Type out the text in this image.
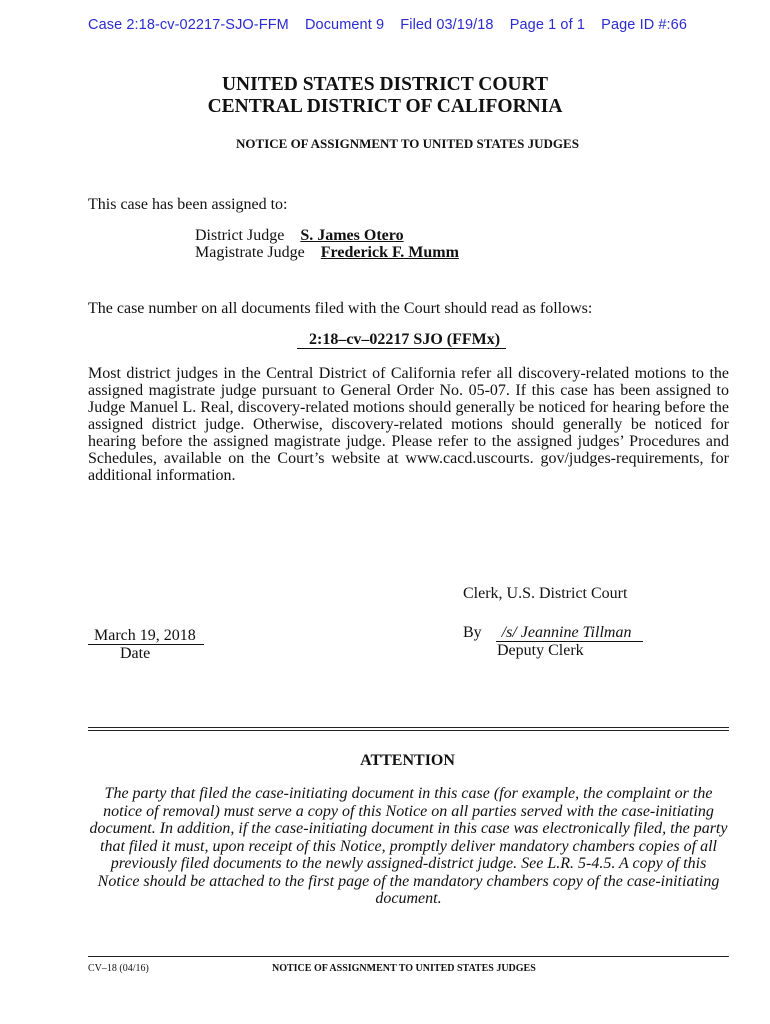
Case 2:18-cv-02217-SJO-FFM Document 9 Filed 03/19/18 Page 1 of 1 Page ID #:66
UNITED STATES DISTRICT COURT
CENTRAL DISTRICT OF CALIFORNIA
NOTICE OF ASSIGNMENT TO UNITED STATES JUDGES
This case has been assigned to:
District Judge S. James Otero
Magistrate Judge Frederick F. Mumm
The case number on all documents filed with the Court should read as follows:
2:18–cv–02217 SJO (FFMx)
Most district judges in the Central District of California refer all discovery-related motions to the assigned magistrate judge pursuant to General Order No. 05-07. If this case has been assigned to Judge Manuel L. Real, discovery-related motions should generally be noticed for hearing before the assigned district judge. Otherwise, discovery-related motions should generally be noticed for hearing before the assigned magistrate judge. Please refer to the assigned judges’ Procedures and Schedules, available on the Court’s website at www.cacd.uscourts. gov/judges-requirements, for additional information.
Clerk, U.S. District Court
March 19, 2018
Date
By /s/ Jeannine Tillman
Deputy Clerk
ATTENTION
The party that filed the case-initiating document in this case (for example, the complaint or the notice of removal) must serve a copy of this Notice on all parties served with the case-initiating document. In addition, if the case-initiating document in this case was electronically filed, the party that filed it must, upon receipt of this Notice, promptly deliver mandatory chambers copies of all previously filed documents to the newly assigned-district judge. See L.R. 5-4.5. A copy of this Notice should be attached to the first page of the mandatory chambers copy of the case-initiating document.
CV–18 (04/16)	NOTICE OF ASSIGNMENT TO UNITED STATES JUDGES
